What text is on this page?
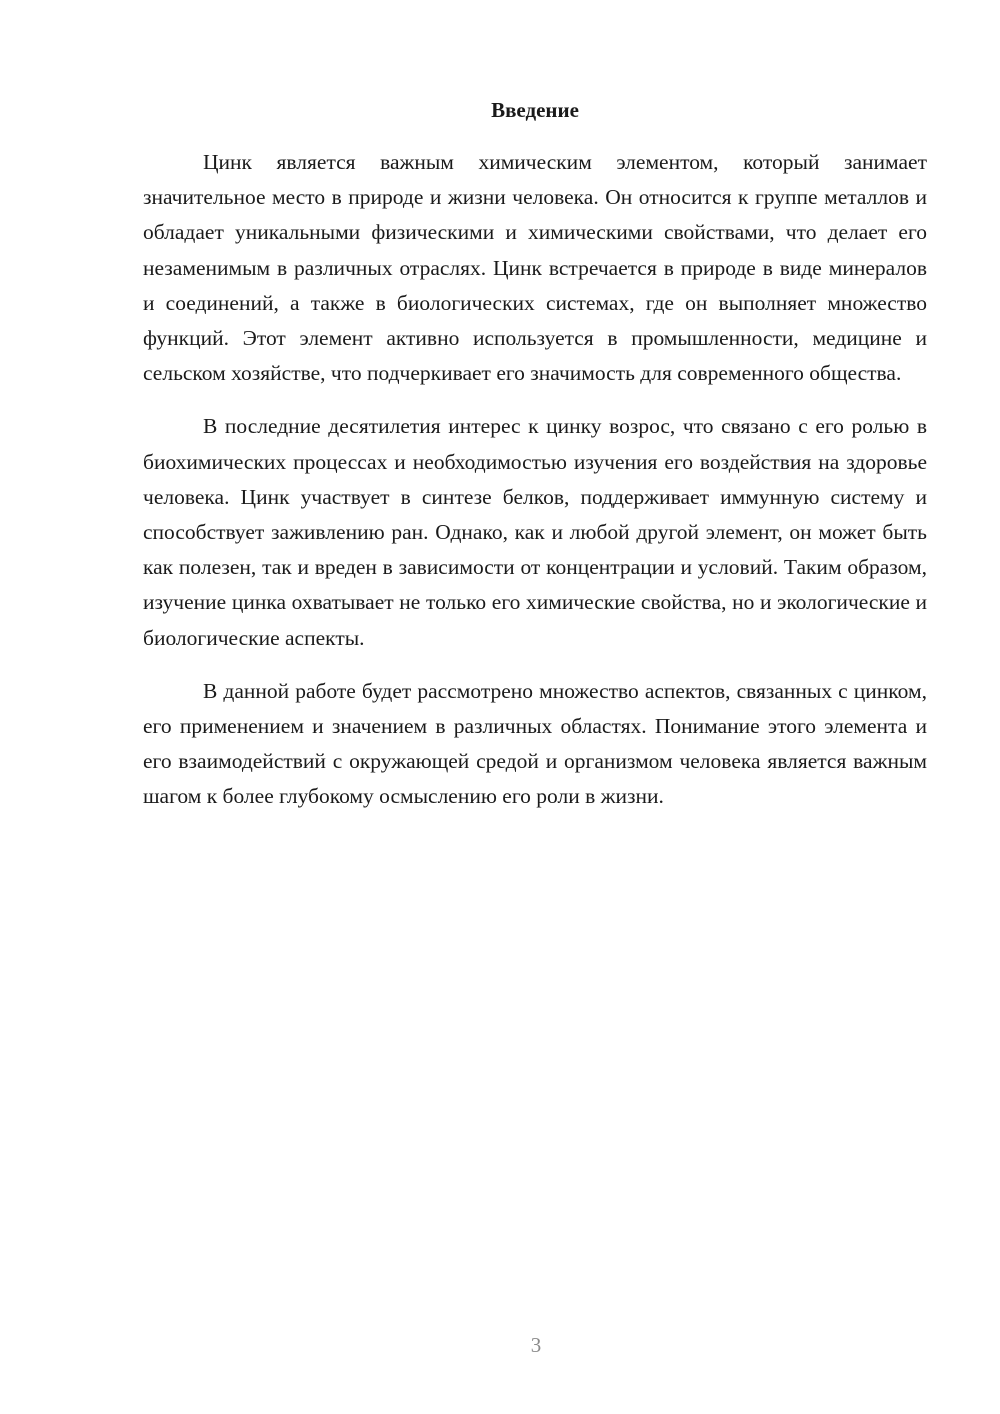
Введение

Цинк является важным химическим элементом, который занимает значительное место в природе и жизни человека. Он относится к группе металлов и обладает уникальными физическими и химическими свойствами, что делает его незаменимым в различных отраслях. Цинк встречается в природе в виде минералов и соединений, а также в биологических системах, где он выполняет множество функций. Этот элемент активно используется в промышленности, медицине и сельском хозяйстве, что подчеркивает его значимость для современного общества.

В последние десятилетия интерес к цинку возрос, что связано с его ролью в биохимических процессах и необходимостью изучения его воздействия на здоровье человека. Цинк участвует в синтезе белков, поддерживает иммунную систему и способствует заживлению ран. Однако, как и любой другой элемент, он может быть как полезен, так и вреден в зависимости от концентрации и условий. Таким образом, изучение цинка охватывает не только его химические свойства, но и экологические и биологические аспекты.

В данной работе будет рассмотрено множество аспектов, связанных с цинком, его применением и значением в различных областях. Понимание этого элемента и его взаимодействий с окружающей средой и организмом человека является важным шагом к более глубокому осмыслению его роли в жизни.

3
